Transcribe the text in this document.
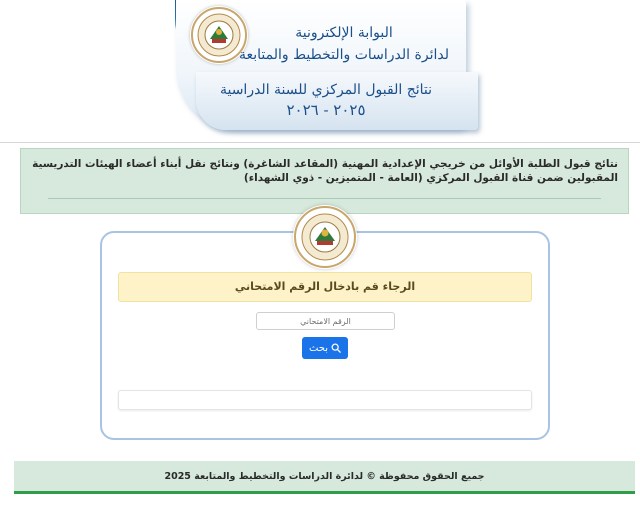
البوابة الإلكترونية
لدائرة الدراسات والتخطيط والمتابعة
نتائج القبول المركزي للسنة الدراسية
٢٠٢٥ - ٢٠٢٦
نتائج قبول الطلبة الأوائل من خريجي الإعدادية المهنية (المقاعد الشاغرة) ونتائج نقل أبناء أعضاء الهيئات التدريسية المقبولين ضمن قناة القبول المركزي (العامة - المتميزين - ذوي الشهداء)
الرجاء قم بادخال الرقم الامتحاني
الرقم الامتحاني
بحث
جميع الحقوق محفوظة © لدائرة الدراسات والتخطيط والمتابعة 2025
